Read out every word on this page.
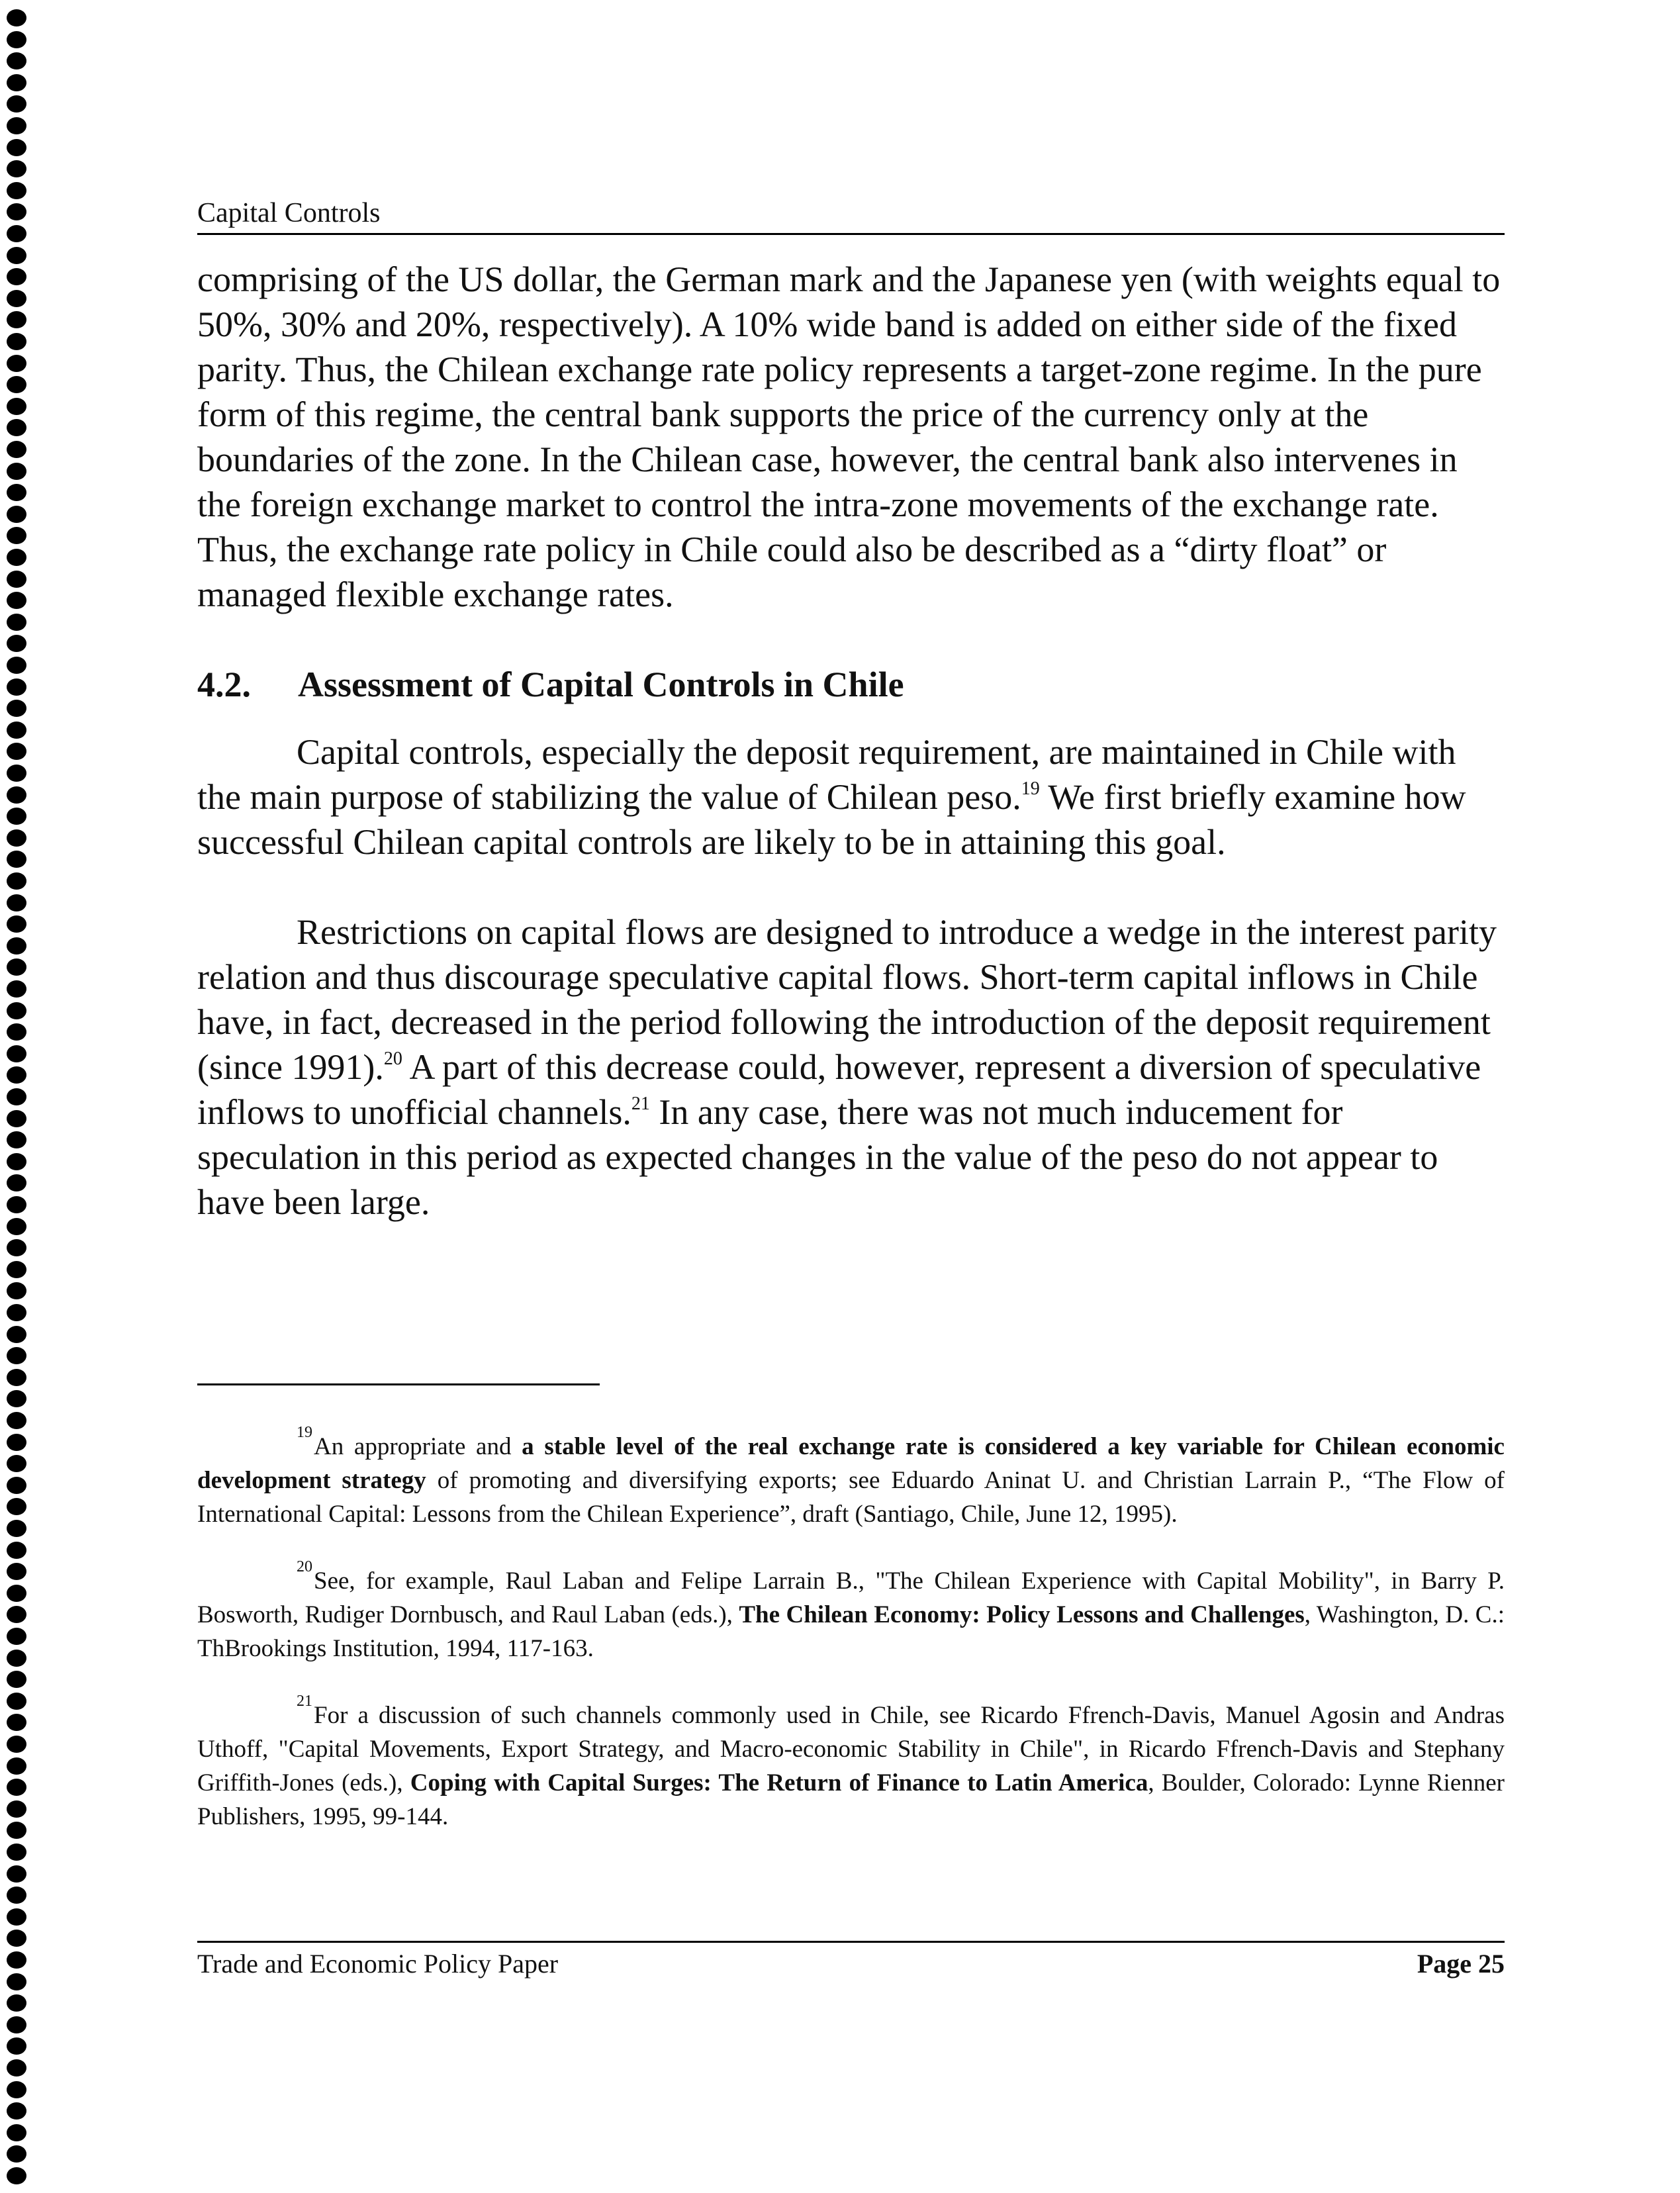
Capital Controls

comprising of the US dollar, the German mark and the Japanese yen (with weights equal to 50%, 30% and 20%, respectively). A 10% wide band is added on either side of the fixed parity. Thus, the Chilean exchange rate policy represents a target-zone regime. In the pure form of this regime, the central bank supports the price of the currency only at the boundaries of the zone. In the Chilean case, however, the central bank also intervenes in the foreign exchange market to control the intra-zone movements of the exchange rate. Thus, the exchange rate policy in Chile could also be described as a “dirty float” or managed flexible exchange rates.

4.2.	Assessment of Capital Controls in Chile

Capital controls, especially the deposit requirement, are maintained in Chile with the main purpose of stabilizing the value of Chilean peso.$^{19}$ We first briefly examine how successful Chilean capital controls are likely to be in attaining this goal.

Restrictions on capital flows are designed to introduce a wedge in the interest parity relation and thus discourage speculative capital flows. Short-term capital inflows in Chile have, in fact, decreased in the period following the introduction of the deposit requirement (since 1991).$^{20}$ A part of this decrease could, however, represent a diversion of speculative inflows to unofficial channels.$^{21}$ In any case, there was not much inducement for speculation in this period as expected changes in the value of the peso do not appear to have been large.

$^{19}$An appropriate and a stable level of the real exchange rate is considered a key variable for Chilean economic development strategy of promoting and diversifying exports; see Eduardo Aninat U. and Christian Larrain P., “The Flow of International Capital: Lessons from the Chilean Experience”, draft (Santiago, Chile, June 12, 1995).

$^{20}$See, for example, Raul Laban and Felipe Larrain B., "The Chilean Experience with Capital Mobility", in Barry P. Bosworth, Rudiger Dornbusch, and Raul Laban (eds.), The Chilean Economy: Policy Lessons and Challenges, Washington, D. C.: ThBrookings Institution, 1994, 117-163.

$^{21}$For a discussion of such channels commonly used in Chile, see Ricardo Ffrench-Davis, Manuel Agosin and Andras Uthoff, "Capital Movements, Export Strategy, and Macro-economic Stability in Chile", in Ricardo Ffrench-Davis and Stephany Griffith-Jones (eds.), Coping with Capital Surges: The Return of Finance to Latin America, Boulder, Colorado: Lynne Rienner Publishers, 1995, 99-144.

Trade and Economic Policy Paper	Page 25
